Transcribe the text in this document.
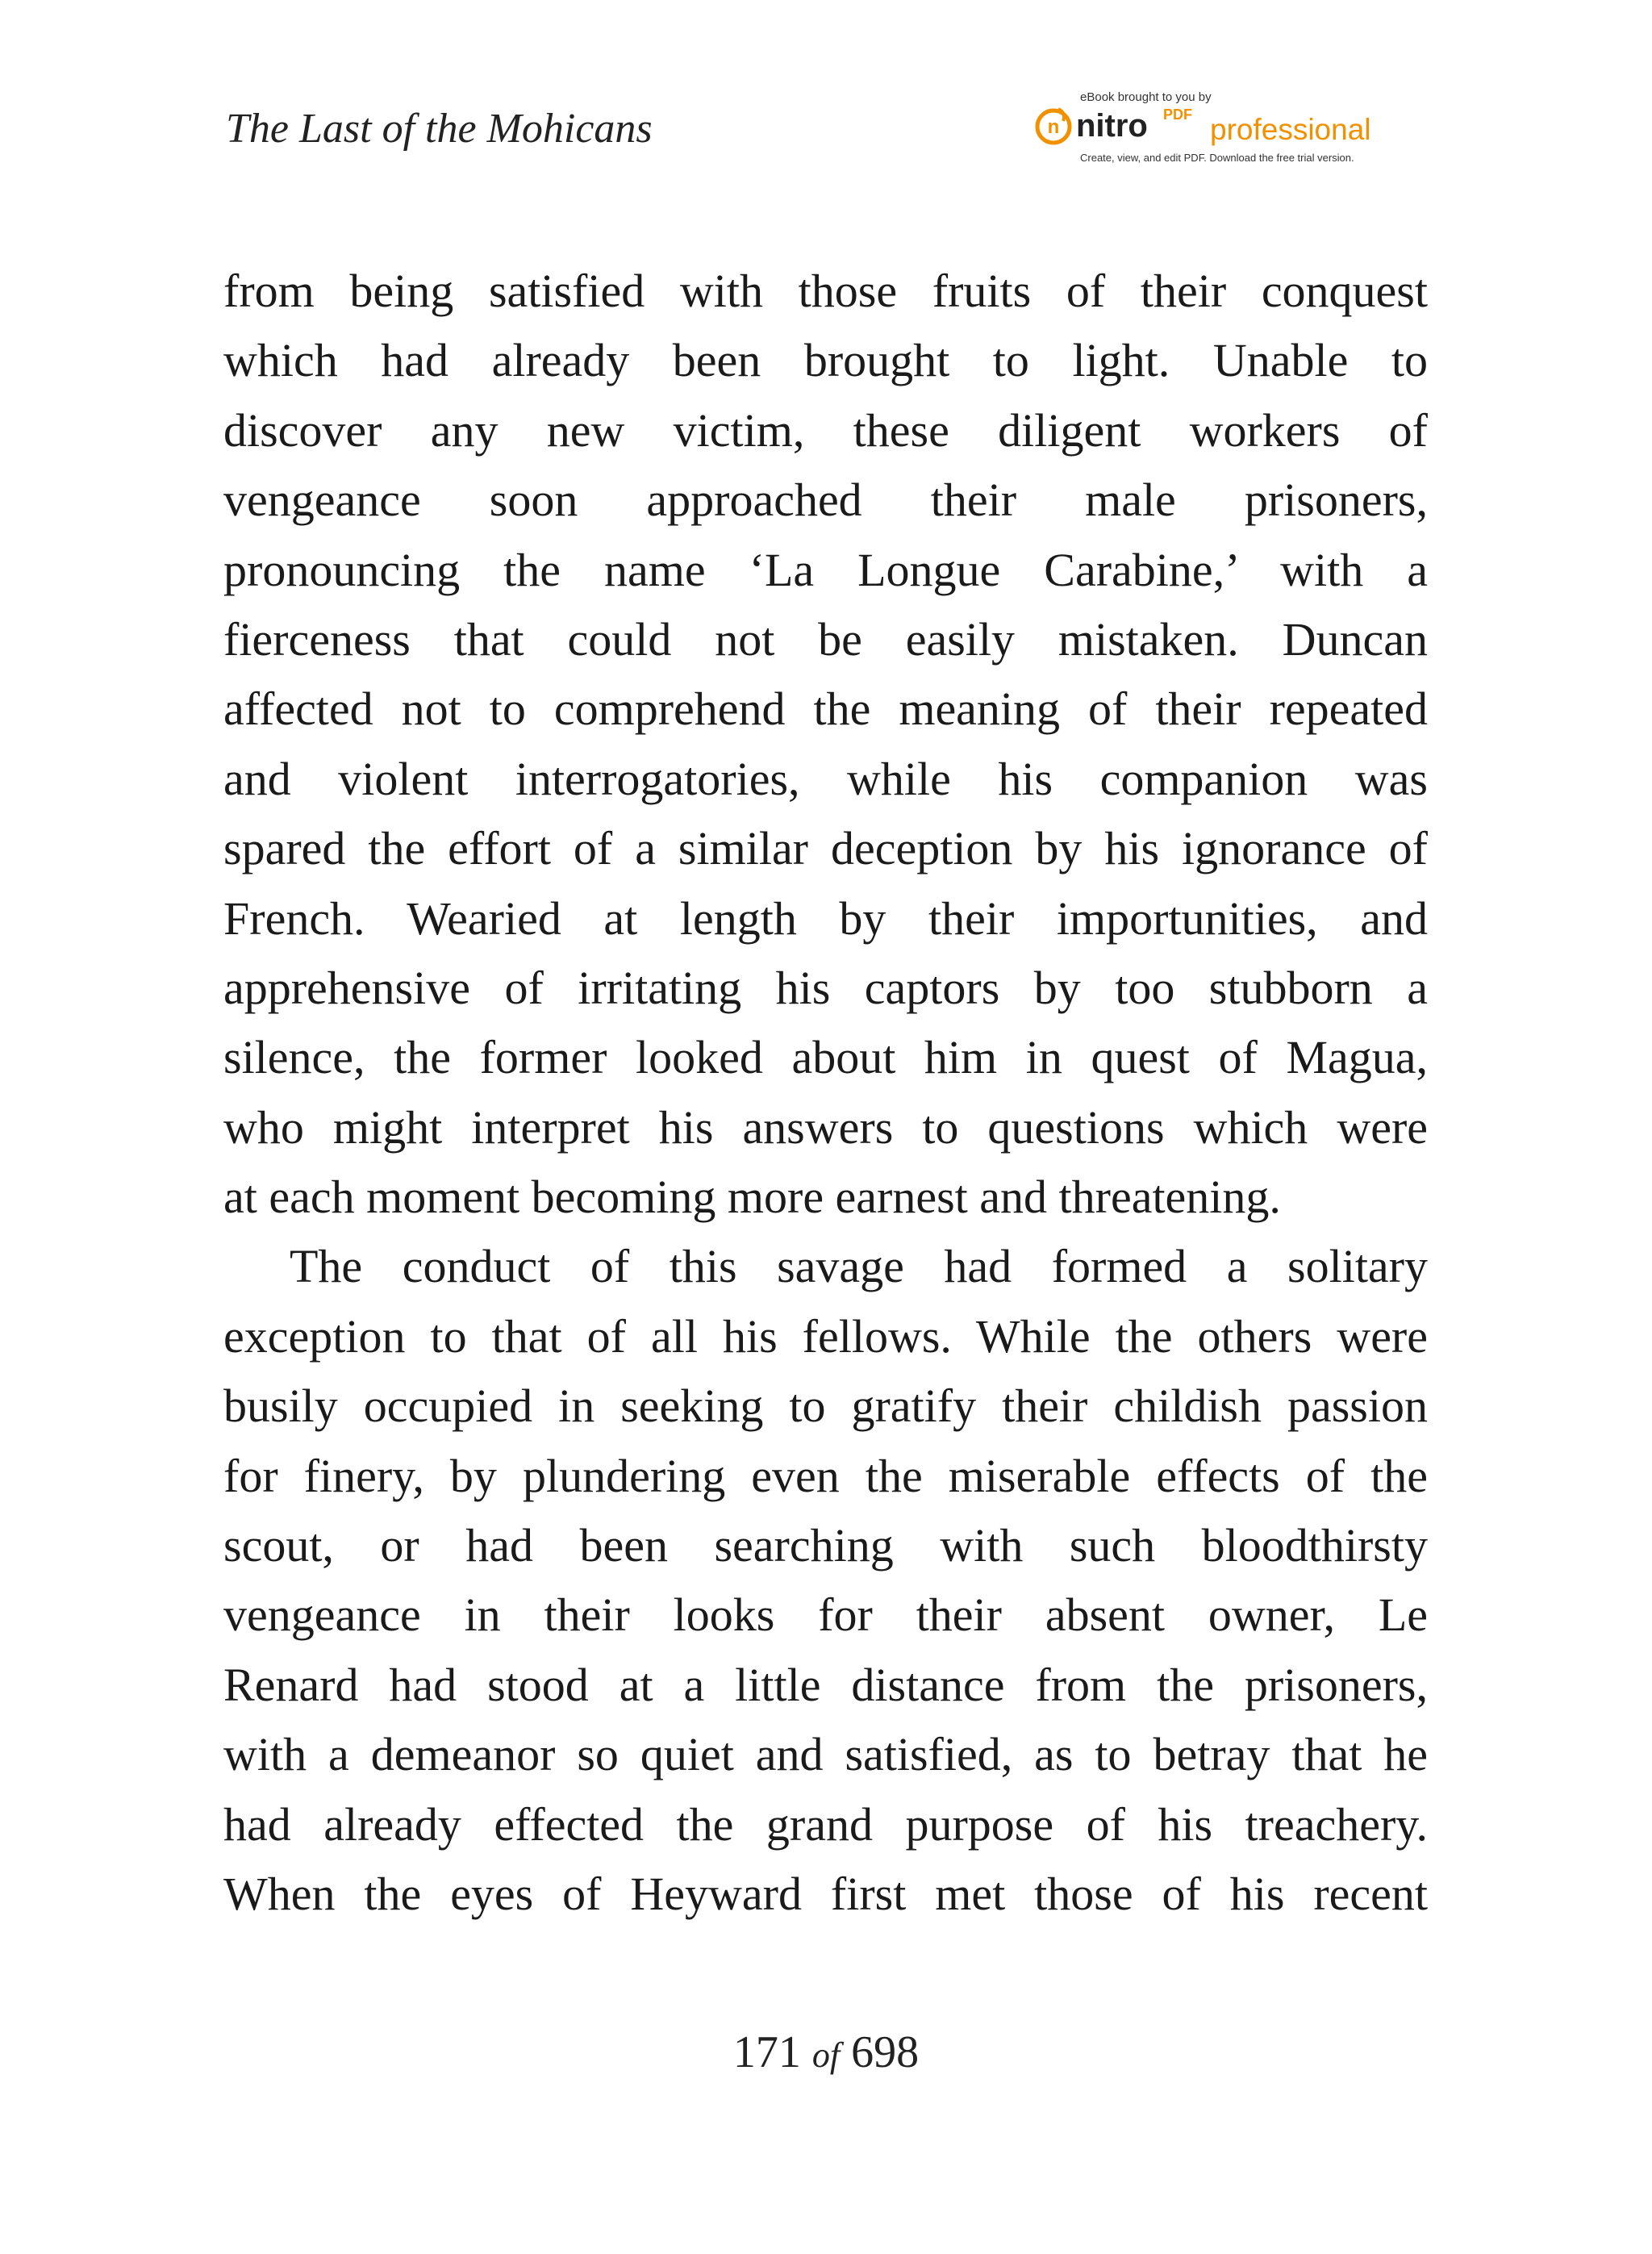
The Last of the Mohicans
eBook brought to you by
n nitro PDF professional
Create, view, and edit PDF. Download the free trial version.
from being satisfied with those fruits of their conquest
which had already been brought to light. Unable to
discover any new victim, these diligent workers of
vengeance soon approached their male prisoners,
pronouncing the name ‘La Longue Carabine,’ with a
fierceness that could not be easily mistaken. Duncan
affected not to comprehend the meaning of their repeated
and violent interrogatories, while his companion was
spared the effort of a similar deception by his ignorance of
French. Wearied at length by their importunities, and
apprehensive of irritating his captors by too stubborn a
silence, the former looked about him in quest of Magua,
who might interpret his answers to questions which were
at each moment becoming more earnest and threatening.
The conduct of this savage had formed a solitary
exception to that of all his fellows. While the others were
busily occupied in seeking to gratify their childish passion
for finery, by plundering even the miserable effects of the
scout, or had been searching with such bloodthirsty
vengeance in their looks for their absent owner, Le
Renard had stood at a little distance from the prisoners,
with a demeanor so quiet and satisfied, as to betray that he
had already effected the grand purpose of his treachery.
When the eyes of Heyward first met those of his recent
171 of 698
